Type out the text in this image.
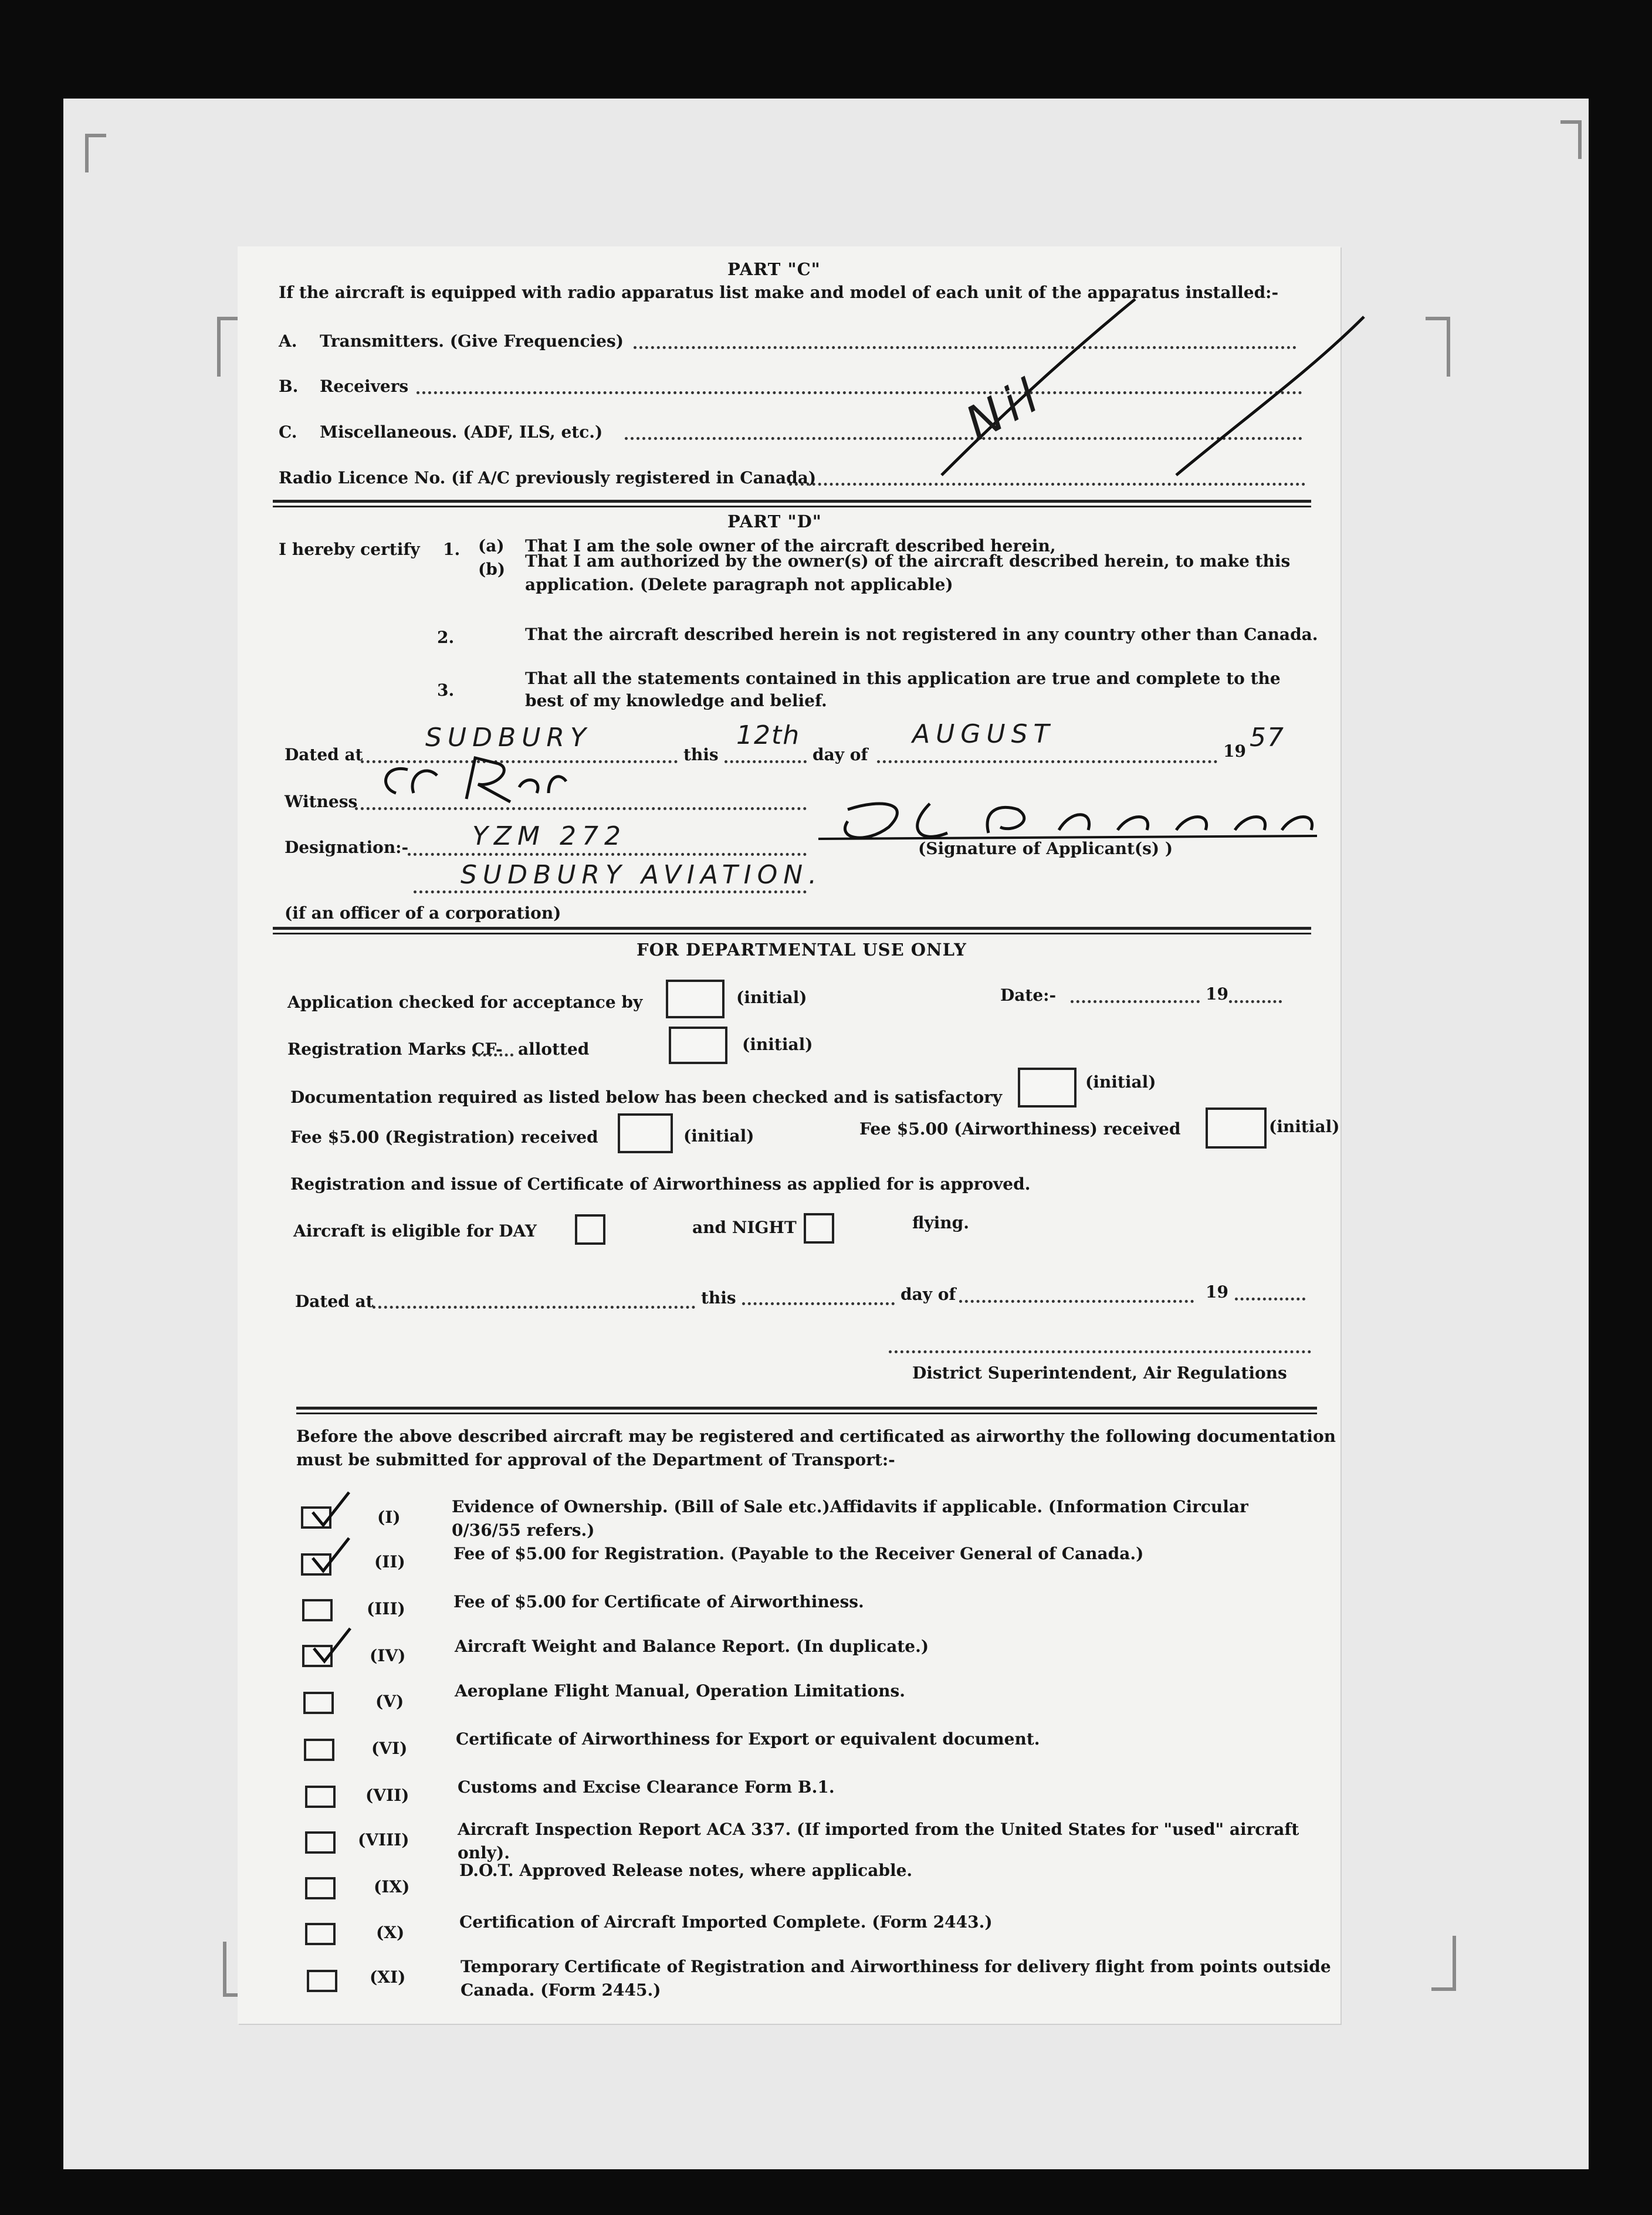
PART "C"
If the aircraft is equipped with radio apparatus list make and model of each unit of the apparatus installed:-
A. Transmitters. (Give Frequencies)
B. Receivers
C. Miscellaneous. (ADF, ILS, etc.)
Radio Licence No. (if A/C previously registered in Canada)
Nil
PART "D"
I hereby certify 1. (a) That I am the sole owner of the aircraft described herein,
(b) That I am authorized by the owner(s) of the aircraft described herein, to make this
application. (Delete paragraph not applicable)
2.	That the aircraft described herein is not registered in any country other than Canada.
3.
That all the statements contained in this application are true and complete to the
best of my knowledge and belief.
Dated at
SUDBURY
this
12th
day of
AUGUST
19 57
Witness
Designation:- YZM 272	(Signature of Applicant(s) )
SUDBURY AVIATION.
(if an officer of a corporation)
FOR DEPARTMENTAL USE ONLY
Application checked for acceptance by	(initial)	Date:-	19
Registration Marks CF- allotted	(initial)
Documentation required as listed below has been checked and is satisfactory
(initial)
Fee $5.00 (Registration) received	(initial)	Fee $5.00 (Airworthiness) received	(initial)
Registration and issue of Certificate of Airworthiness as applied for is approved.
Aircraft is eligible for DAY	and NIGHT	flying.
Dated at	this	day of	19
District Superintendent, Air Regulations
Before the above described aircraft may be registered and certificated as airworthy the following documentation
must be submitted for approval of the Department of Transport:-
(I)
Evidence of Ownership. (Bill of Sale etc.)Affidavits if applicable. (Information Circular
0/36/55 refers.)
(II)	Fee of $5.00 for Registration. (Payable to the Receiver General of Canada.)
(III)	Fee of $5.00 for Certificate of Airworthiness.
(IV)	Aircraft Weight and Balance Report. (In duplicate.)
(V)
Aeroplane Flight Manual, Operation Limitations.
(VI)	Certificate of Airworthiness for Export or equivalent document.
(VII)	Customs and Excise Clearance Form B.1.
(VIII)
Aircraft Inspection Report ACA 337. (If imported from the United States for "used" aircraft
only).
(IX)
D.O.T. Approved Release notes, where applicable.
(X)
Certification of Aircraft Imported Complete. (Form 2443.)
(XI)
Temporary Certificate of Registration and Airworthiness for delivery flight from points outside
Canada. (Form 2445.)
